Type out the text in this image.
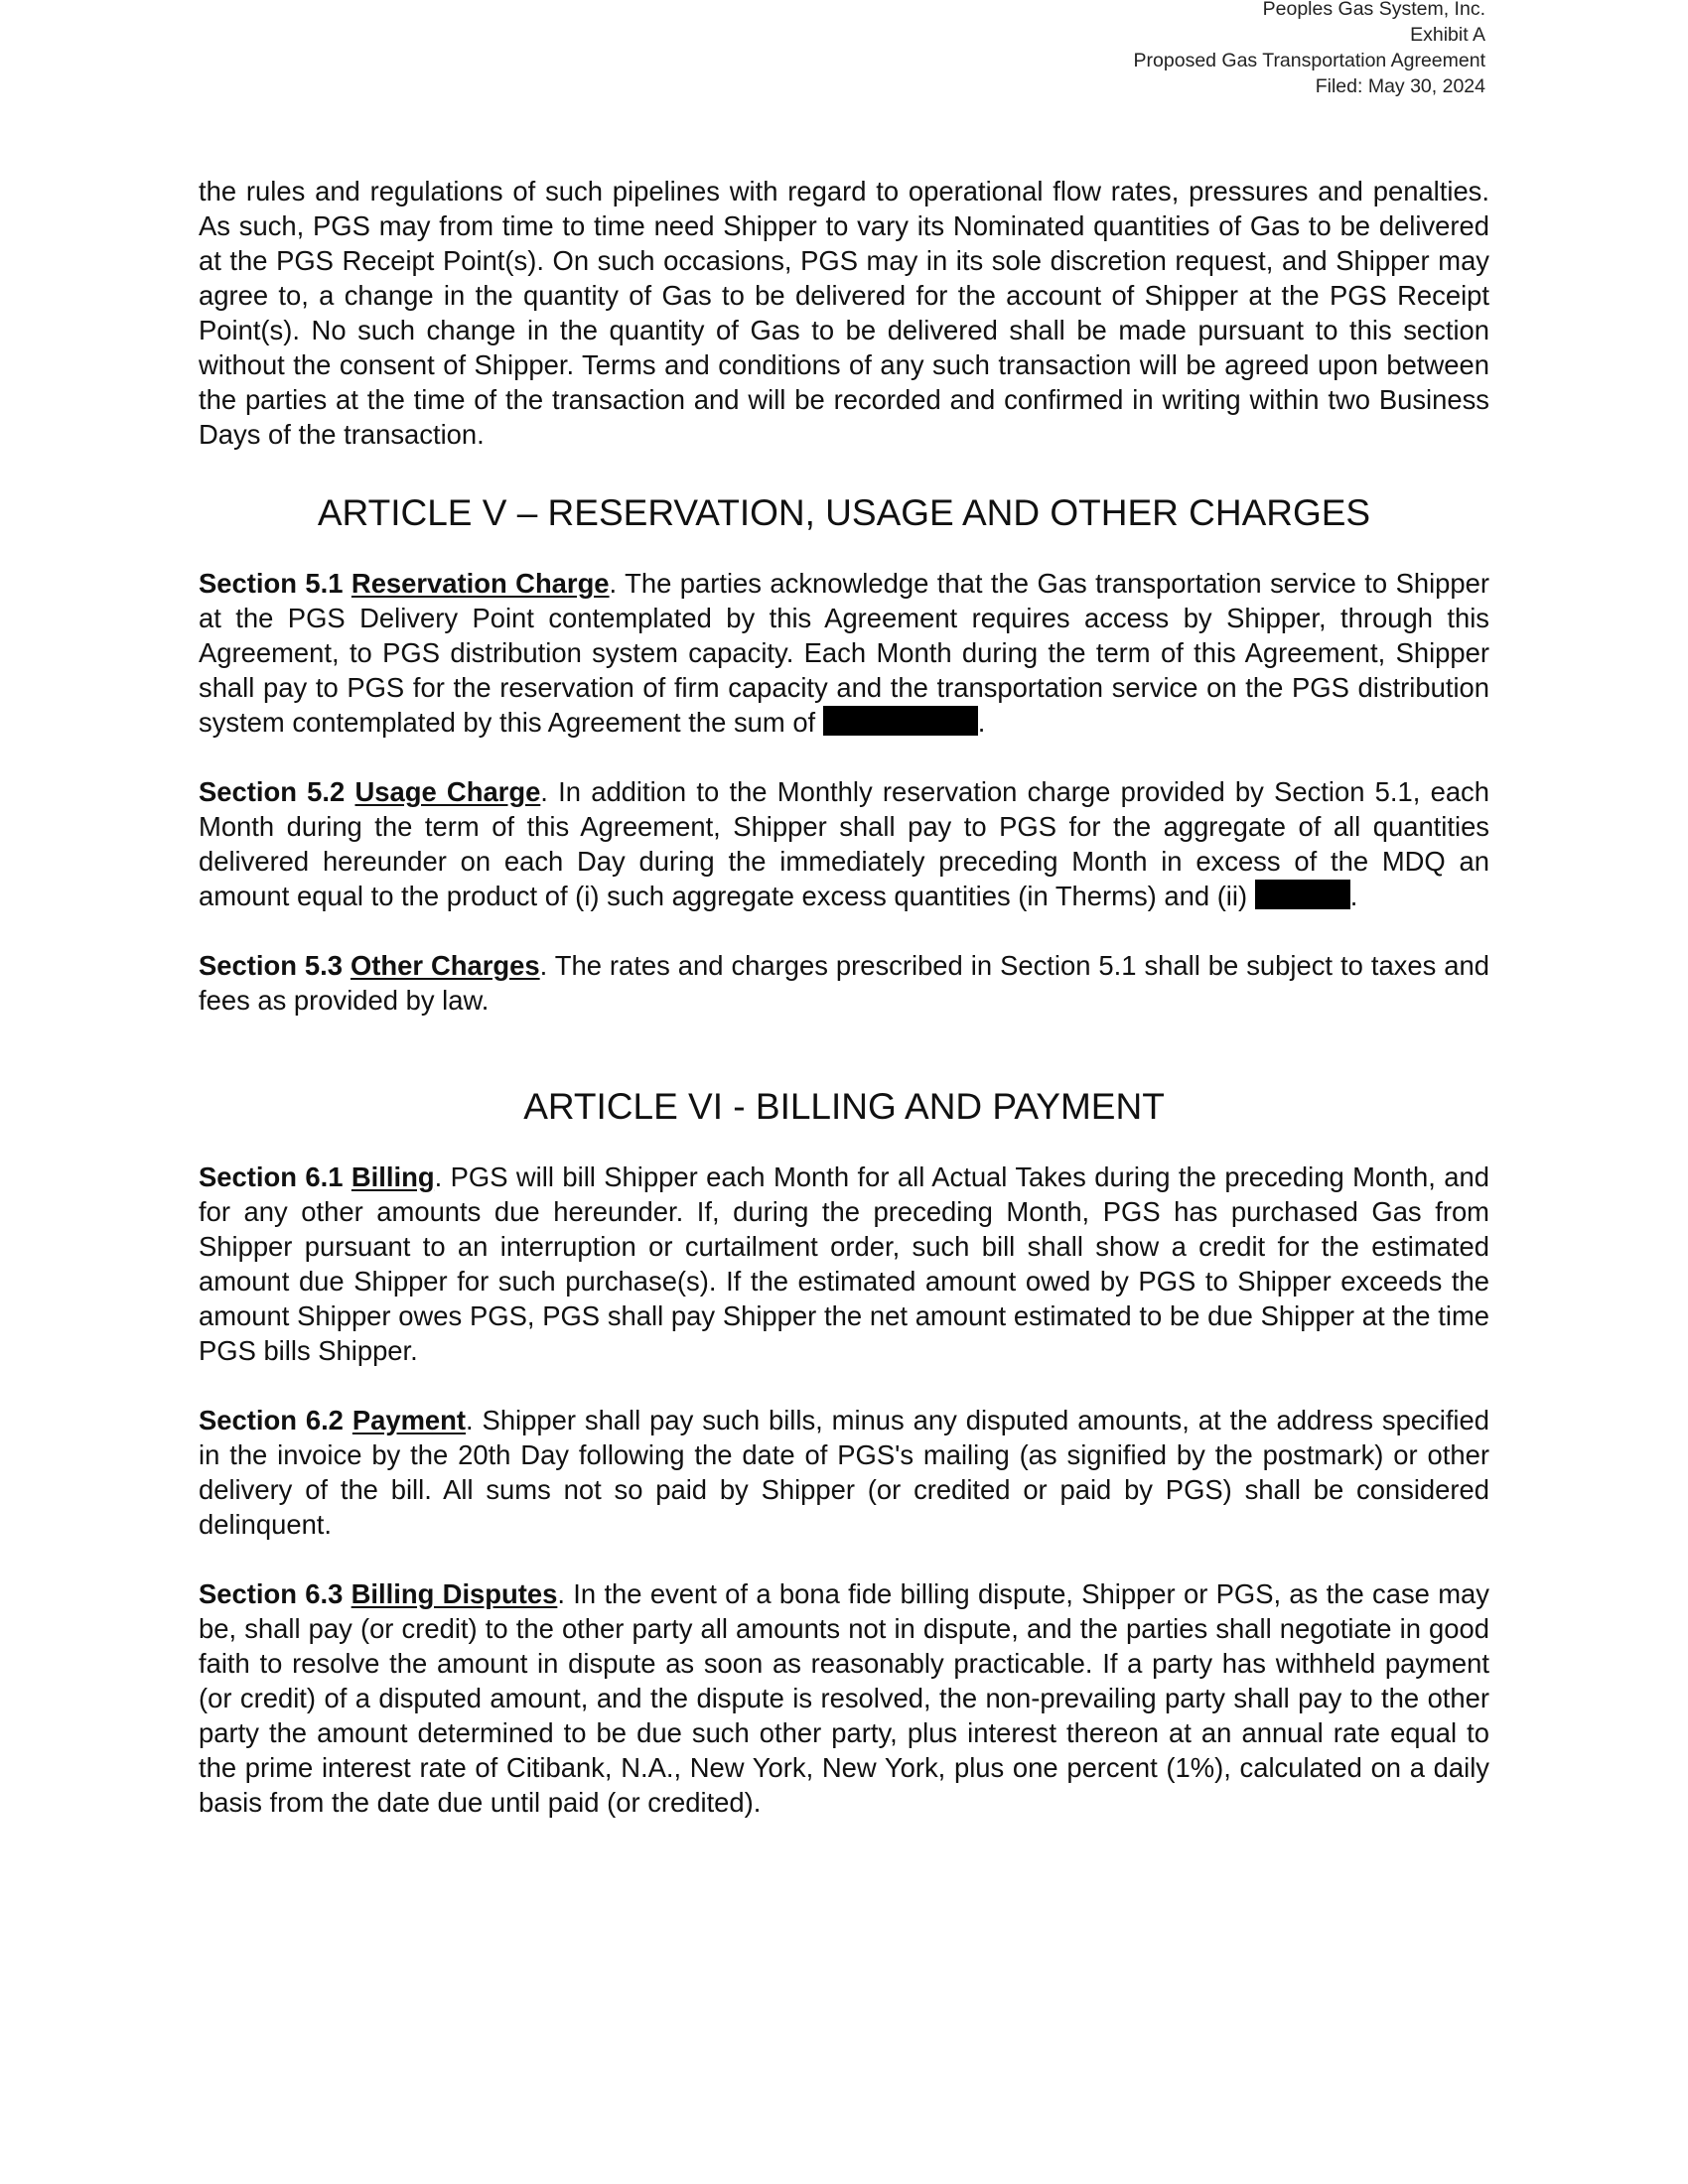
Peoples Gas System, Inc.
Exhibit A
Proposed Gas Transportation Agreement
Filed: May 30, 2024

the rules and regulations of such pipelines with regard to operational flow rates, pressures and penalties. As such, PGS may from time to time need Shipper to vary its Nominated quantities of Gas to be delivered at the PGS Receipt Point(s). On such occasions, PGS may in its sole discretion request, and Shipper may agree to, a change in the quantity of Gas to be delivered for the account of Shipper at the PGS Receipt Point(s). No such change in the quantity of Gas to be delivered shall be made pursuant to this section without the consent of Shipper. Terms and conditions of any such transaction will be agreed upon between the parties at the time of the transaction and will be recorded and confirmed in writing within two Business Days of the transaction.

ARTICLE V – RESERVATION, USAGE AND OTHER CHARGES

Section 5.1 Reservation Charge. The parties acknowledge that the Gas transportation service to Shipper at the PGS Delivery Point contemplated by this Agreement requires access by Shipper, through this Agreement, to PGS distribution system capacity. Each Month during the term of this Agreement, Shipper shall pay to PGS for the reservation of firm capacity and the transportation service on the PGS distribution system contemplated by this Agreement the sum of	.

Section 5.2 Usage Charge. In addition to the Monthly reservation charge provided by Section 5.1, each Month during the term of this Agreement, Shipper shall pay to PGS for the aggregate of all quantities delivered hereunder on each Day during the immediately preceding Month in excess of the MDQ an amount equal to the product of (i) such aggregate excess quantities (in Therms) and (ii)	.

Section 5.3 Other Charges. The rates and charges prescribed in Section 5.1 shall be subject to taxes and fees as provided by law.

ARTICLE VI - BILLING AND PAYMENT

Section 6.1 Billing. PGS will bill Shipper each Month for all Actual Takes during the preceding Month, and for any other amounts due hereunder. If, during the preceding Month, PGS has purchased Gas from Shipper pursuant to an interruption or curtailment order, such bill shall show a credit for the estimated amount due Shipper for such purchase(s). If the estimated amount owed by PGS to Shipper exceeds the amount Shipper owes PGS, PGS shall pay Shipper the net amount estimated to be due Shipper at the time PGS bills Shipper.

Section 6.2 Payment. Shipper shall pay such bills, minus any disputed amounts, at the address specified in the invoice by the 20th Day following the date of PGS's mailing (as signified by the postmark) or other delivery of the bill. All sums not so paid by Shipper (or credited or paid by PGS) shall be considered delinquent.

Section 6.3 Billing Disputes. In the event of a bona fide billing dispute, Shipper or PGS, as the case may be, shall pay (or credit) to the other party all amounts not in dispute, and the parties shall negotiate in good faith to resolve the amount in dispute as soon as reasonably practicable. If a party has withheld payment (or credit) of a disputed amount, and the dispute is resolved, the non-prevailing party shall pay to the other party the amount determined to be due such other party, plus interest thereon at an annual rate equal to the prime interest rate of Citibank, N.A., New York, New York, plus one percent (1%), calculated on a daily basis from the date due until paid (or credited).
